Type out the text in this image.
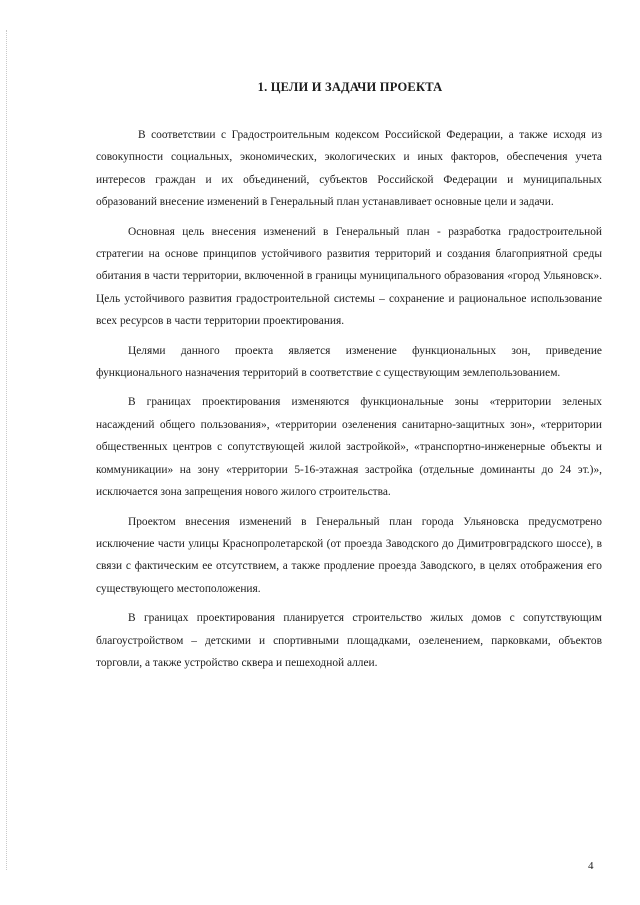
1. ЦЕЛИ И ЗАДАЧИ ПРОЕКТА

В соответствии с Градостроительным кодексом Российской Федерации, а также исходя из совокупности социальных, экономических, экологических и иных факторов, обеспечения учета интересов граждан и их объединений, субъектов Российской Федерации и муниципальных образований внесение изменений в Генеральный план устанавливает основные цели и задачи.

Основная цель внесения изменений в Генеральный план - разработка градостроительной стратегии на основе принципов устойчивого развития территорий и создания благоприятной среды обитания в части территории, включенной в границы муниципального образования «город Ульяновск». Цель устойчивого развития градостроительной системы – сохранение и рациональное использование всех ресурсов в части территории проектирования.

Целями данного проекта является изменение функциональных зон, приведение функционального назначения территорий в соответствие с существующим землепользованием.

В границах проектирования изменяются функциональные зоны «территории зеленых насаждений общего пользования», «территории озеленения санитарно-защитных зон», «территории общественных центров с сопутствующей жилой застройкой», «транспортно-инженерные объекты и коммуникации» на зону «территории 5-16-этажная застройка (отдельные доминанты до 24 эт.)», исключается зона запрещения нового жилого строительства.

Проектом внесения изменений в Генеральный план города Ульяновска предусмотрено исключение части улицы Краснопролетарской (от проезда Заводского до Димитровградского шоссе), в связи с фактическим ее отсутствием, а также продление проезда Заводского, в целях отображения его существующего местоположения.

В границах проектирования планируется строительство жилых домов с сопутствующим благоустройством – детскими и спортивными площадками, озеленением, парковками, объектов торговли, а также устройство сквера и пешеходной аллеи.

4
